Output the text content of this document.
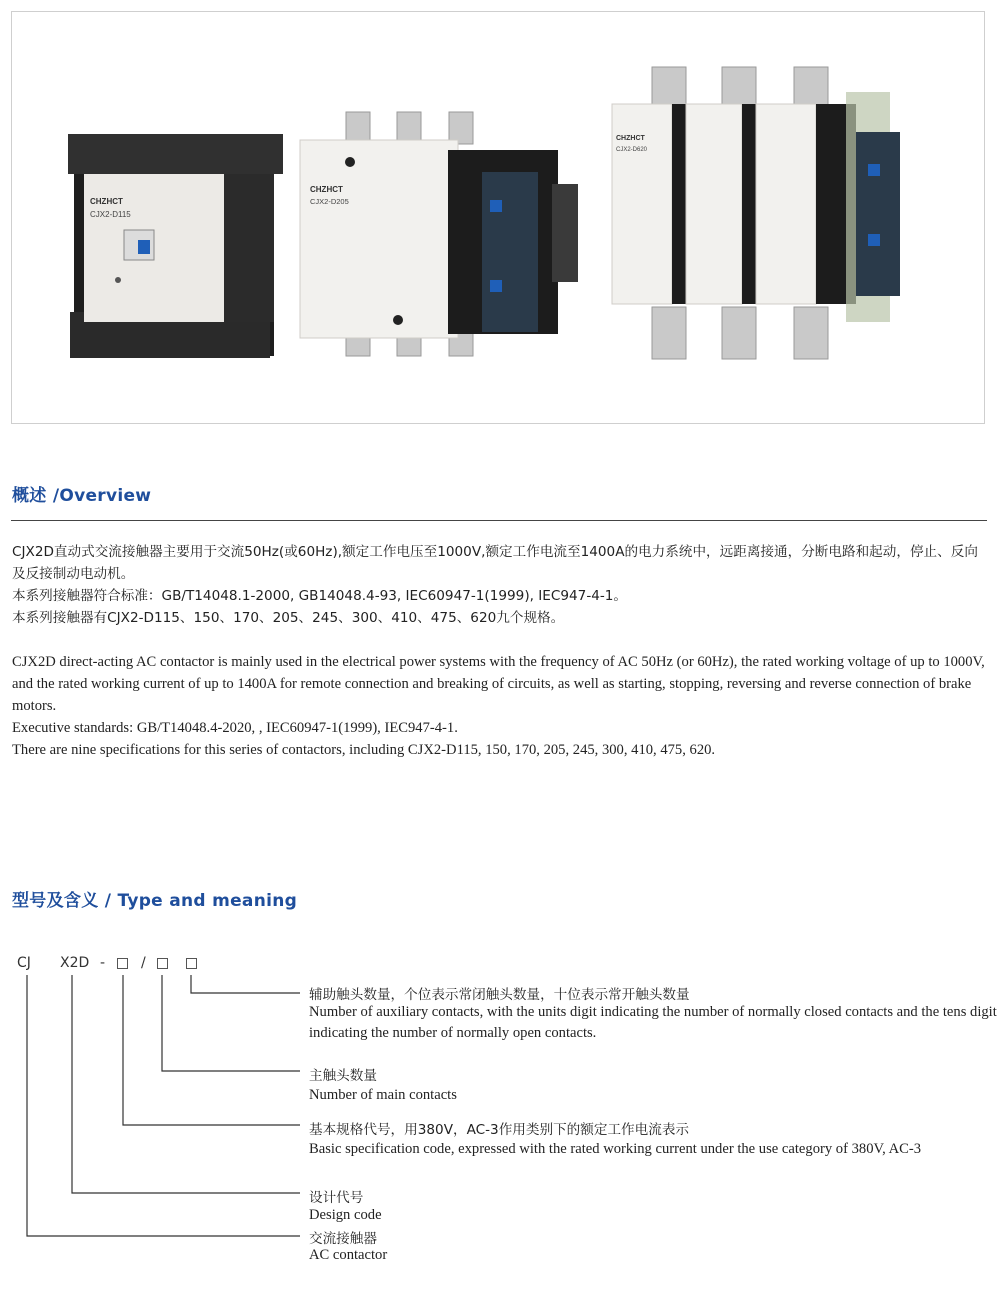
CHZHCT
CJX2-D115
CHZHCT
CJX2-D205
CHZHCT
CJX2-D620
概述 /Overview

CJX2D直动式交流接触器主要用于交流50Hz(或60Hz),额定工作电压至1000V,额定工作电流至1400A的电力系统中，远距离接通，分断电路和起动，停止、反向及反接制动电动机。

本系列接触器符合标准：GB/T14048.1-2000, GB14048.4-93, IEC60947-1(1999), IEC947-4-1。

本系列接触器有CJX2-D115、150、170、205、245、300、410、475、620九个规格。

CJX2D direct-acting AC contactor is mainly used in the electrical power systems with the frequency of AC 50Hz (or 60Hz), the rated working voltage of up to 1000V, and the rated working current of up to 1400A for remote connection and breaking of circuits, as well as starting, stopping, reversing and reverse connection of brake motors.

Executive standards: GB/T14048.4-2020, , IEC60947-1(1999), IEC947-4-1.

There are nine specifications for this series of contactors, including CJX2-D115, 150, 170, 205, 245, 300, 410, 475, 620.

型号及含义 / Type and meaning
CJ X2D -	/
辅助触头数量，个位表示常闭触头数量，十位表示常开触头数量
Number of auxiliary contacts, with the units digit indicating the number of normally closed contacts and the tens digit indicating the number of normally open contacts.
主触头数量
Number of main contacts
基本规格代号，用380V，AC-3作用类别下的额定工作电流表示
Basic specification code, expressed with the rated working current under the use category of 380V, AC-3
设计代号
Design code
交流接触器
AC contactor
